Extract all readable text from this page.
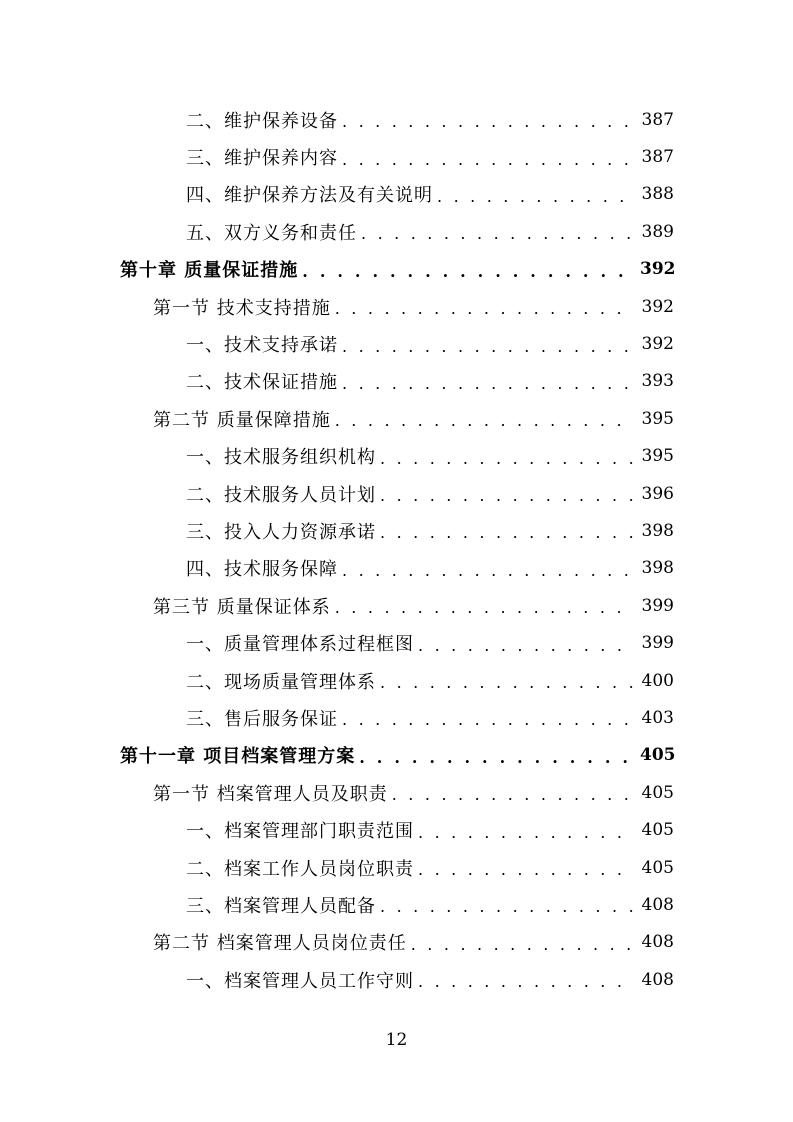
二、维护保养设备 . . .	387
三、维护保养内容 . . .	387
四、维护保养方法及有关说明 . . .	388
五、双方义务和责任 . . .	389
第十章 质量保证措施 . . .	392
第一节 技术支持措施 . . .	392
一、技术支持承诺 . . .	392
二、技术保证措施 . . .	393
第二节 质量保障措施 . . .	395
一、技术服务组织机构 . . .	395
二、技术服务人员计划 . . .	396
三、投入人力资源承诺 . . .	398
四、技术服务保障 . . .	398
第三节 质量保证体系 . . .	399
一、质量管理体系过程框图 . . .	399
二、现场质量管理体系 . . .	400
三、售后服务保证 . . .	403
第十一章 项目档案管理方案 . . .	405
第一节 档案管理人员及职责 . . .	405
一、档案管理部门职责范围 . . .	405
二、档案工作人员岗位职责 . . .	405
三、档案管理人员配备 . . .	408
第二节 档案管理人员岗位责任 . . .	408
一、档案管理人员工作守则 . . .	408
12
